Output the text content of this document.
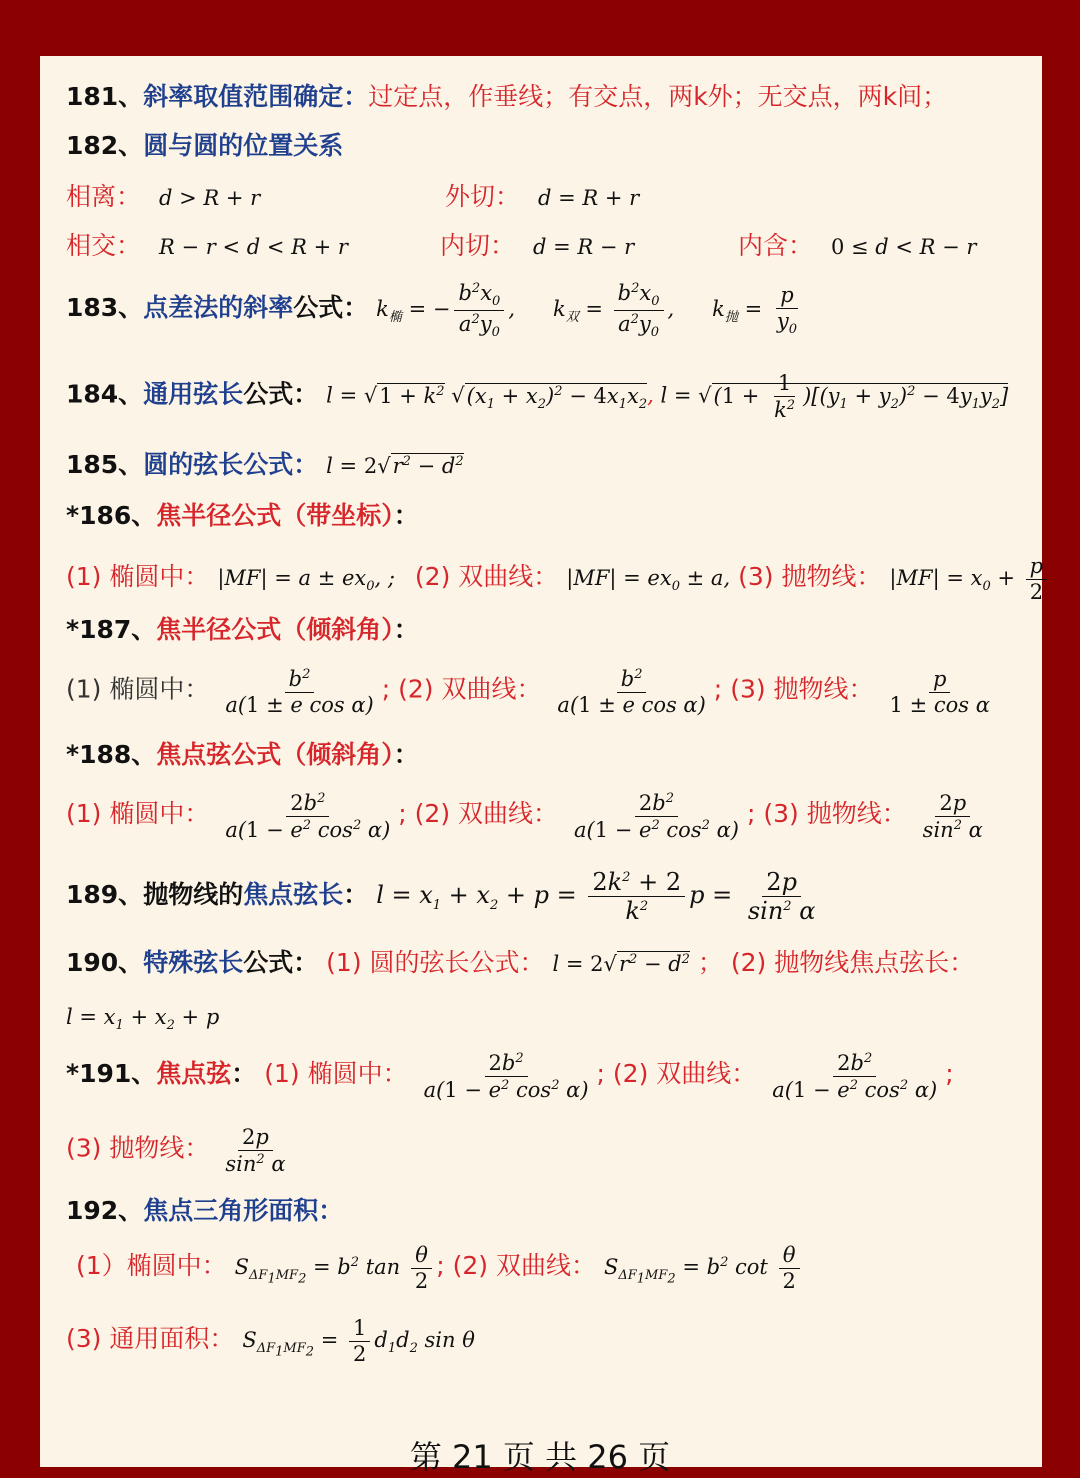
181、斜率取值范围确定：过定点，作垂线；有交点，两k外；无交点，两k间；
182、圆与圆的位置关系
相离： d > R + r	外切： d = R + r
相交： R − r < d < R + r	内切： d = R − r	内含： 0 ≤ d < R − r
183、点差法的斜率公式： $k_椭$ = − $\frac{b^2x_0}{a^2y_0}$ , $k_双 = \frac{b^2x_0}{a^2y_0}$ , $k_抛 = \frac{p}{y_0}$
184、通用弦长公式： $l = √1 + k^2$ $√(x_1 + x_2)^2 - 4x_1x_2$, $l = √(1 + \frac{1}{k^2} )[(y_1 + y_2)^2 - 4y_1y_2]$
185、圆的弦长公式： $l = 2√r^2 - d^2$
*186、焦半径公式（带坐标）：
(1) 椭圆中： $|MF| = a \pm ex_0$, ; (2) 双曲线： $|MF| = ex_0 \pm a$, (3) 抛物线： $|MF| = x_0 + \frac{p}{2}$
*187、焦半径公式（倾斜角）：
(1) 椭圆中： $\frac{b^2}{\text{a(1 ± e cos α)}}$ ; (2) 双曲线： $\frac{b^2}{\text{a(1 ± e cos α)}}$ ; (3) 抛物线： $\frac{p}{\text{1 ± cos α}}$
*188、焦点弦公式（倾斜角）：
(1) 椭圆中： $\frac{2b^2}{a(1 - e^2 \cos^2 \alpha)}$ ; (2) 双曲线： $\frac{2b^2}{a(1 - e^2 \cos^2 \alpha)}$ ; (3) 抛物线： $\frac{2p}{\sin^2 \alpha}$
189、抛物线的焦点弦长： $l = x_1 + x_2 + p = \frac{2k^2 + 2}{k^2}$ $p = \frac{2p}{\sin^2 \alpha}$
190、特殊弦长公式： (1) 圆的弦长公式： $l = 2√r^2 - d^2$ ； (2) 抛物线焦点弦长：
$l = x_1 + x_2 + p$
*191、焦点弦： (1) 椭圆中： $\frac{2b^2}{a(1 - e^2 \cos^2 \alpha)}$ ; (2) 双曲线： $\frac{2b^2}{a(1 - e^2 \cos^2 \alpha)}$ ;
(3) 抛物线： $\frac{2p}{\sin^2 \alpha}$
192、焦点三角形面积：
(1）椭圆中： $S_{\Delta F_1MF_2} = b^2$ $\tan \frac{\theta}{2}$ ; (2) 双曲线： $S_{\Delta F_1MF_2} = b^2$ $\cot \frac{\theta}{2}$
(3) 通用面积： $S_{\Delta F_1MF_2} = \frac{1}{2} d_1d_2$ sin θ
第 21 页 共 26 页
